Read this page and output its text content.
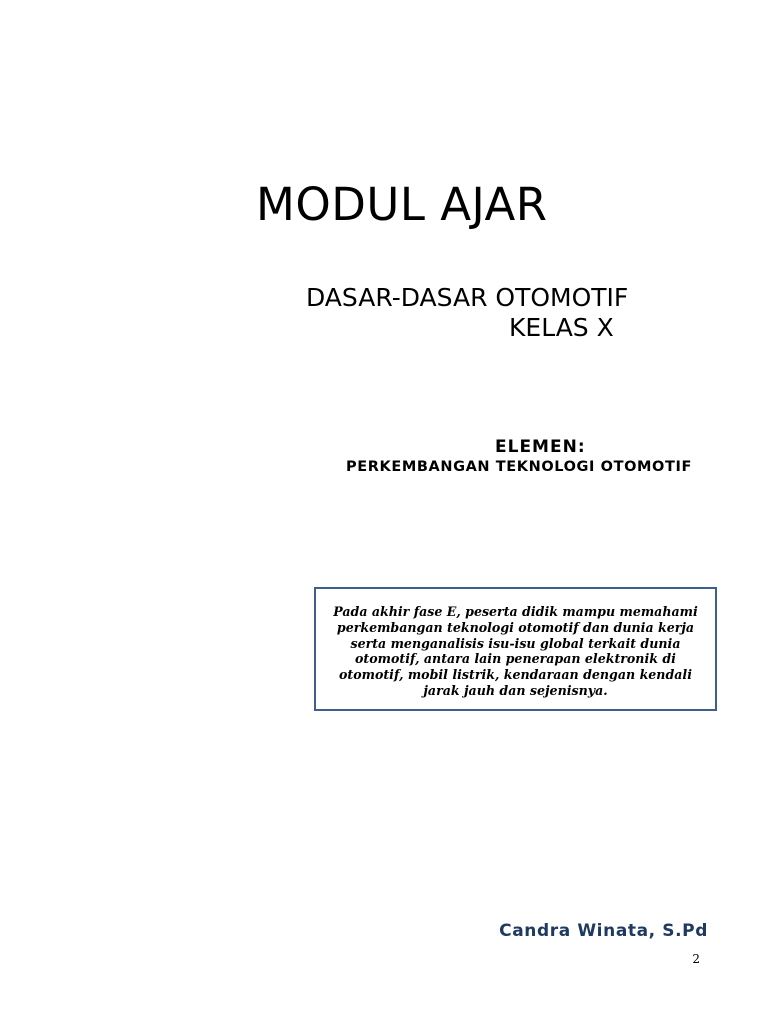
MODUL AJAR
DASAR-DASAR OTOMOTIF
KELAS X
ELEMEN:
PERKEMBANGAN TEKNOLOGI OTOMOTIF
Pada akhir fase E, peserta didik mampu memahami perkembangan teknologi otomotif dan dunia kerja serta menganalisis isu-isu global terkait dunia otomotif, antara lain penerapan elektronik di otomotif, mobil listrik, kendaraan dengan kendali jarak jauh dan sejenisnya.
Candra Winata, S.Pd
2
